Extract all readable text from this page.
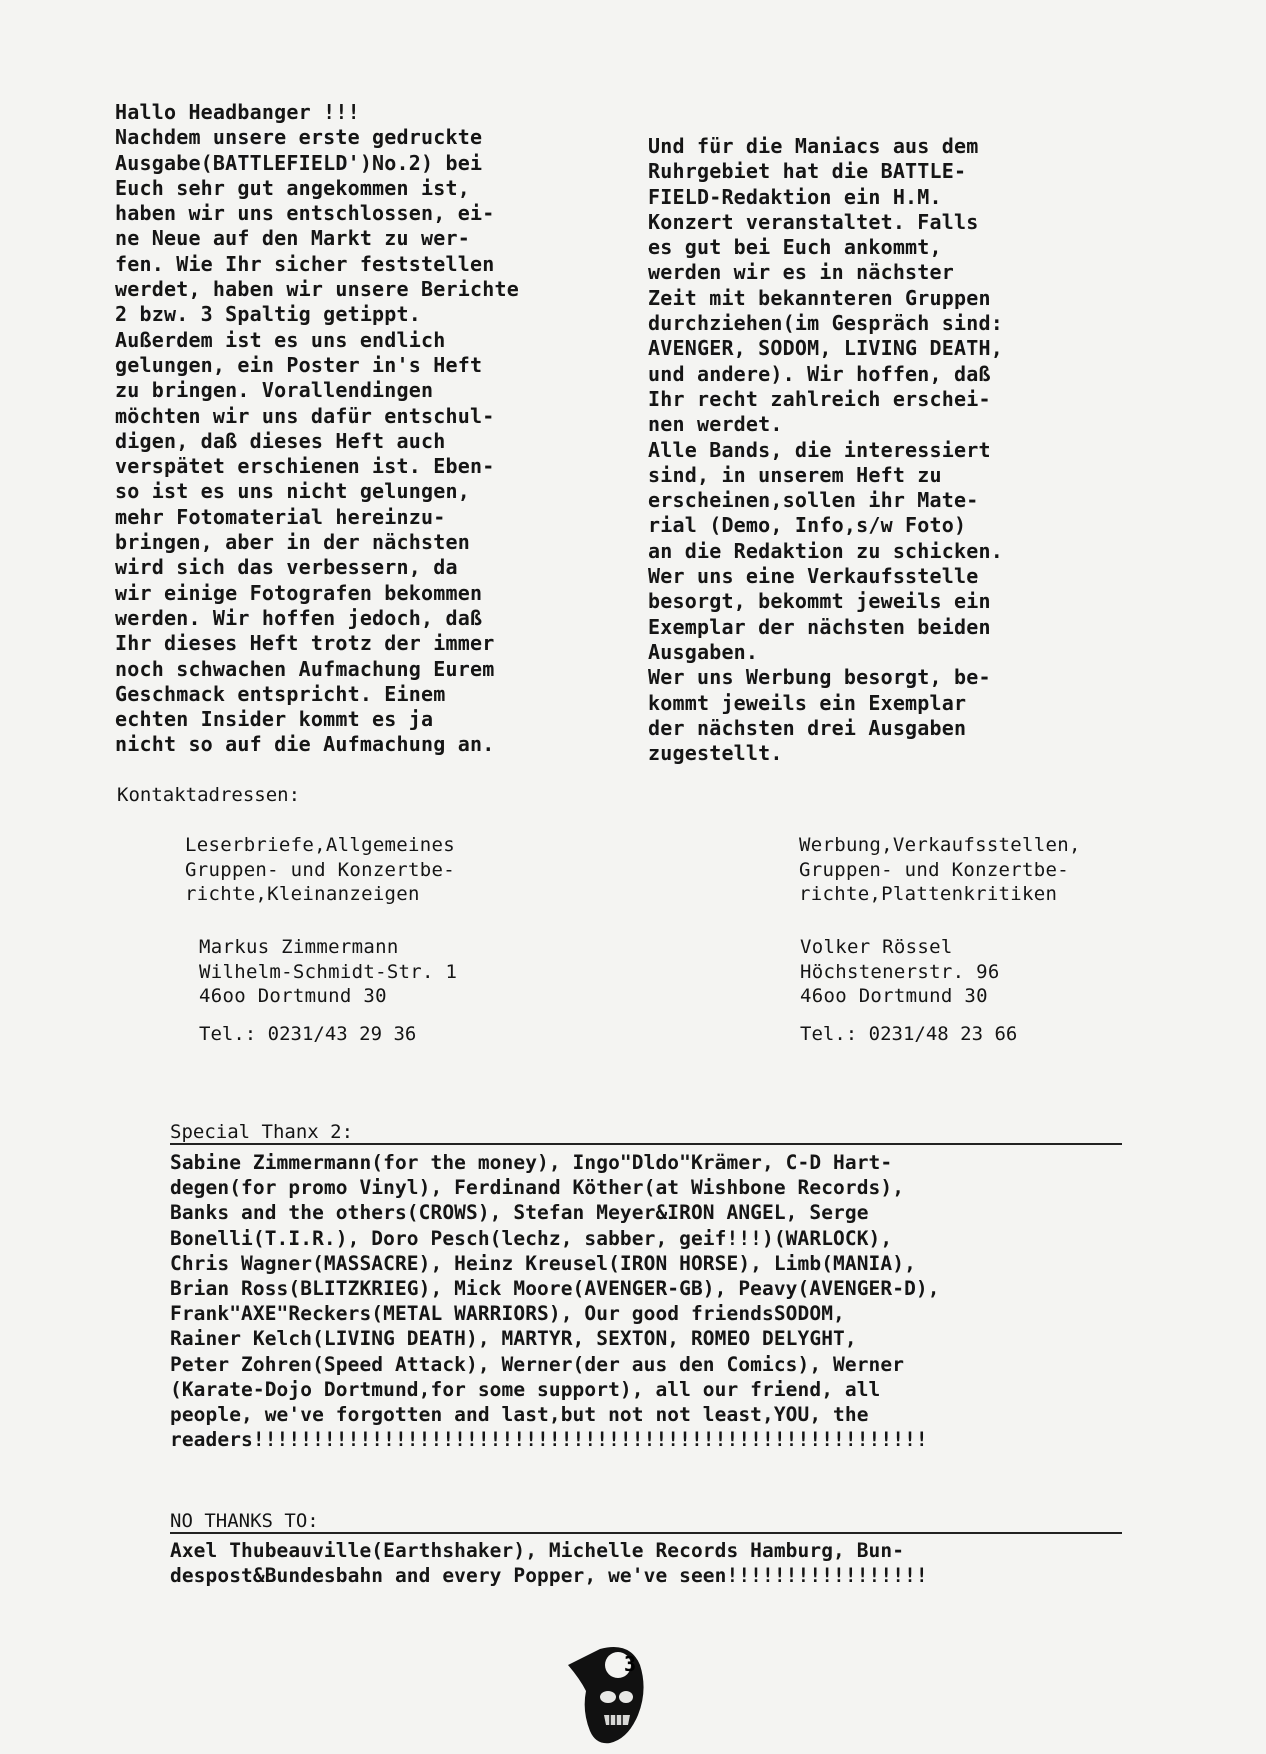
Hallo Headbanger !!!
Nachdem unsere erste gedruckte
Ausgabe(BATTLEFIELD')No.2) bei
Euch sehr gut angekommen ist,
haben wir uns entschlossen, ei-
ne Neue auf den Markt zu wer-
fen. Wie Ihr sicher feststellen
werdet, haben wir unsere Berichte
2 bzw. 3 Spaltig getippt.
Außerdem ist es uns endlich
gelungen, ein Poster in's Heft
zu bringen. Vorallendingen
möchten wir uns dafür entschul-
digen, daß dieses Heft auch
verspätet erschienen ist. Eben-
so ist es uns nicht gelungen,
mehr Fotomaterial hereinzu-
bringen, aber in der nächsten
wird sich das verbessern, da
wir einige Fotografen bekommen
werden. Wir hoffen jedoch, daß
Ihr dieses Heft trotz der immer
noch schwachen Aufmachung Eurem
Geschmack entspricht. Einem
echten Insider kommt es ja
nicht so auf die Aufmachung an.
Und für die Maniacs aus dem
Ruhrgebiet hat die BATTLE-
FIELD-Redaktion ein H.M.
Konzert veranstaltet. Falls
es gut bei Euch ankommt,
werden wir es in nächster
Zeit mit bekannteren Gruppen
durchziehen(im Gespräch sind:
AVENGER, SODOM, LIVING DEATH,
und andere). Wir hoffen, daß
Ihr recht zahlreich erschei-
nen werdet.
Alle Bands, die interessiert
sind, in unserem Heft zu
erscheinen,sollen ihr Mate-
rial (Demo, Info,s/w Foto)
an die Redaktion zu schicken.
Wer uns eine Verkaufsstelle
besorgt, bekommt jeweils ein
Exemplar der nächsten beiden
Ausgaben.
Wer uns Werbung besorgt, be-
kommt jeweils ein Exemplar
der nächsten drei Ausgaben
zugestellt.
Kontaktadressen:
Leserbriefe,Allgemeines
Gruppen- und Konzertbe-
richte,Kleinanzeigen
Werbung,Verkaufsstellen,
Gruppen- und Konzertbe-
richte,Plattenkritiken
Markus Zimmermann
Wilhelm-Schmidt-Str. 1
46oo Dortmund 30
Volker Rössel
Höchstenerstr. 96
46oo Dortmund 30
Tel.: 0231/43 29 36	Tel.: 0231/48 23 66
Special Thanx 2:
Sabine Zimmermann(for the money), Ingo"Dldo"Krämer, C-D Hart-
degen(for promo Vinyl), Ferdinand Köther(at Wishbone Records),
Banks and the others(CROWS), Stefan Meyer&IRON ANGEL, Serge
Bonelli(T.I.R.), Doro Pesch(lechz, sabber, geif!!!)(WARLOCK),
Chris Wagner(MASSACRE), Heinz Kreusel(IRON HORSE), Limb(MANIA),
Brian Ross(BLITZKRIEG), Mick Moore(AVENGER-GB), Peavy(AVENGER-D),
Frank"AXE"Reckers(METAL WARRIORS), Our good friendsSODOM,
Rainer Kelch(LIVING DEATH), MARTYR, SEXTON, ROMEO DELYGHT,
Peter Zohren(Speed Attack), Werner(der aus den Comics), Werner
(Karate-Dojo Dortmund,for some support), all our friend, all
people, we've forgotten and last,but not not least,YOU, the
readers!!!!!!!!!!!!!!!!!!!!!!!!!!!!!!!!!!!!!!!!!!!!!!!!!!!!!!!!!
NO THANKS TO:
Axel Thubeauville(Earthshaker), Michelle Records Hamburg, Bun-
despost&Bundesbahn and every Popper, we've seen!!!!!!!!!!!!!!!!!
3
